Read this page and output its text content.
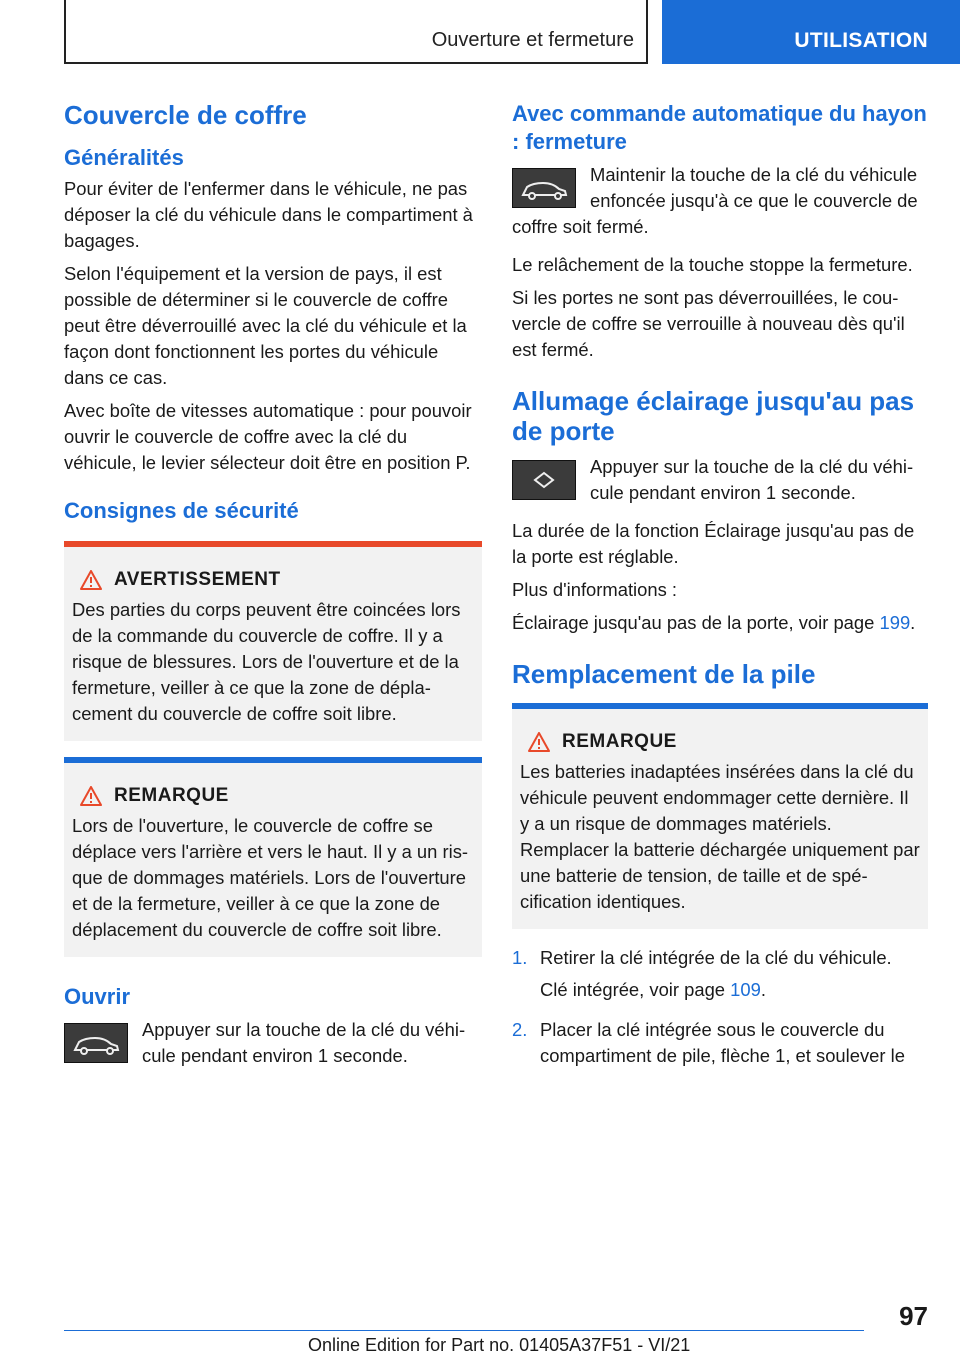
Ouverture et fermeture	UTILISATION
Couvercle de coffre
Généralités

Pour éviter de l'enfermer dans le véhicule, ne pas déposer la clé du véhicule dans le compartiment à bagages.

Selon l'équipement et la version de pays, il est possible de déterminer si le couvercle de coffre peut être déverrouillé avec la clé du véhicule et la façon dont fonctionnent les portes du véhicule dans ce cas.

Avec boîte de vitesses automatique : pour pouvoir ouvrir le couvercle de coffre avec la clé du véhicule, le levier sélecteur doit être en position P.

Consignes de sécurité
AVERTISSEMENT

Des parties du corps peuvent être coincées lors de la commande du couvercle de coffre. Il y a risque de blessures. Lors de l'ouverture et de la fermeture, veiller à ce que la zone de déplacement du couvercle de coffre soit libre.

REMARQUE

Lors de l'ouverture, le couvercle de coffre se déplace vers l'arrière et vers le haut. Il y a un risque de dommages matériels. Lors de l'ouverture et de la fermeture, veiller à ce que la zone de déplacement du couvercle de coffre soit libre.

Ouvrir

Appuyer sur la touche de la clé du véhicule pendant environ 1 seconde.

Avec commande automatique du hayon : fermeture

Maintenir la touche de la clé du véhicule enfoncée jusqu'à ce que le couvercle de coffre soit fermé.

Le relâchement de la touche stoppe la fermeture.

Si les portes ne sont pas déverrouillées, le couvercle de coffre se verrouille à nouveau dès qu'il est fermé.

Allumage éclairage jusqu'au pas de porte

Appuyer sur la touche de la clé du véhicule pendant environ 1 seconde.

La durée de la fonction Éclairage jusqu'au pas de la porte est réglable.

Plus d'informations :

Éclairage jusqu'au pas de la porte, voir page 199.

Remplacement de la pile
REMARQUE

Les batteries inadaptées insérées dans la clé du véhicule peuvent endommager cette dernière. Il y a un risque de dommages matériels. Remplacer la batterie déchargée uniquement par une batterie de tension, de taille et de spécification identiques.

1. Retirer la clé intégrée de la clé du véhicule.

Clé intégrée, voir page 109.

2. Placer la clé intégrée sous le couvercle du compartiment de pile, flèche 1, et soulever le

97
Online Edition for Part no. 01405A37F51 - VI/21
